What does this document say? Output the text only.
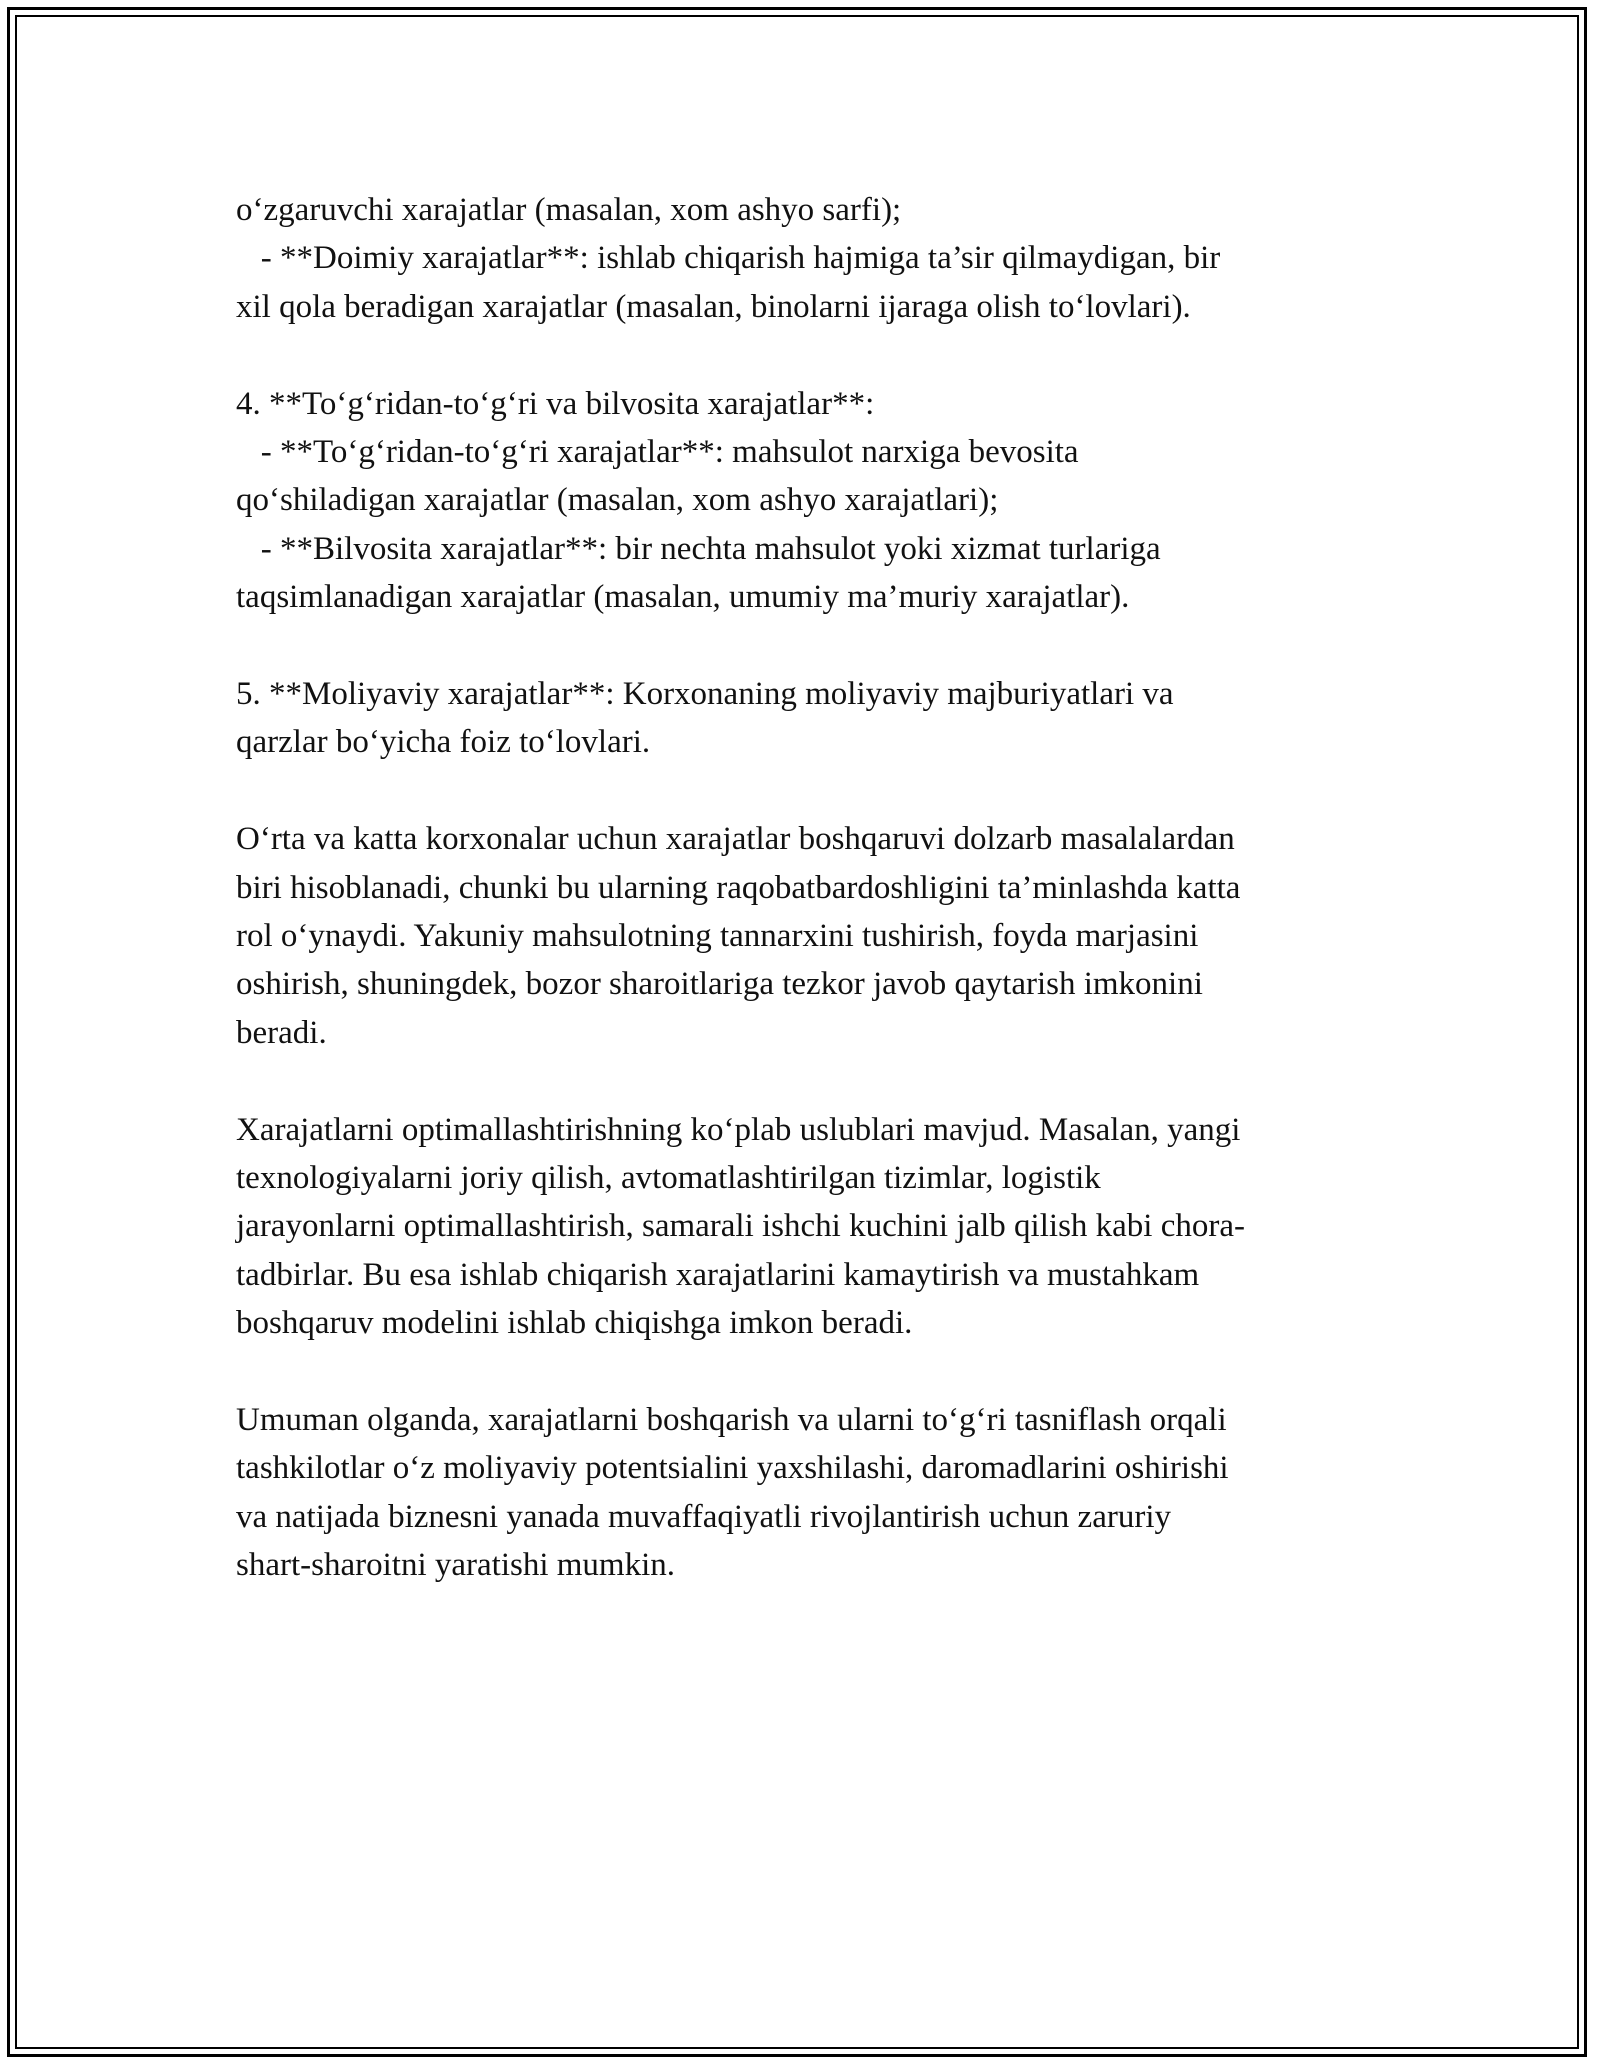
o‘zgaruvchi xarajatlar (masalan, xom ashyo sarfi);
- **Doimiy xarajatlar**: ishlab chiqarish hajmiga ta’sir qilmaydigan, bir
xil qola beradigan xarajatlar (masalan, binolarni ijaraga olish to‘lovlari).

4. **To‘g‘ridan-to‘g‘ri va bilvosita xarajatlar**:
- **To‘g‘ridan-to‘g‘ri xarajatlar**: mahsulot narxiga bevosita
qo‘shiladigan xarajatlar (masalan, xom ashyo xarajatlari);
- **Bilvosita xarajatlar**: bir nechta mahsulot yoki xizmat turlariga
taqsimlanadigan xarajatlar (masalan, umumiy ma’muriy xarajatlar).

5. **Moliyaviy xarajatlar**: Korxonaning moliyaviy majburiyatlari va
qarzlar bo‘yicha foiz to‘lovlari.

O‘rta va katta korxonalar uchun xarajatlar boshqaruvi dolzarb masalalardan
biri hisoblanadi, chunki bu ularning raqobatbardoshligini ta’minlashda katta
rol o‘ynaydi. Yakuniy mahsulotning tannarxini tushirish, foyda marjasini
oshirish, shuningdek, bozor sharoitlariga tezkor javob qaytarish imkonini
beradi.

Xarajatlarni optimallashtirishning ko‘plab uslublari mavjud. Masalan, yangi
texnologiyalarni joriy qilish, avtomatlashtirilgan tizimlar, logistik
jarayonlarni optimallashtirish, samarali ishchi kuchini jalb qilish kabi chora-
tadbirlar. Bu esa ishlab chiqarish xarajatlarini kamaytirish va mustahkam
boshqaruv modelini ishlab chiqishga imkon beradi.

Umuman olganda, xarajatlarni boshqarish va ularni to‘g‘ri tasniflash orqali
tashkilotlar o‘z moliyaviy potentsialini yaxshilashi, daromadlarini oshirishi
va natijada biznesni yanada muvaffaqiyatli rivojlantirish uchun zaruriy
shart-sharoitni yaratishi mumkin.
